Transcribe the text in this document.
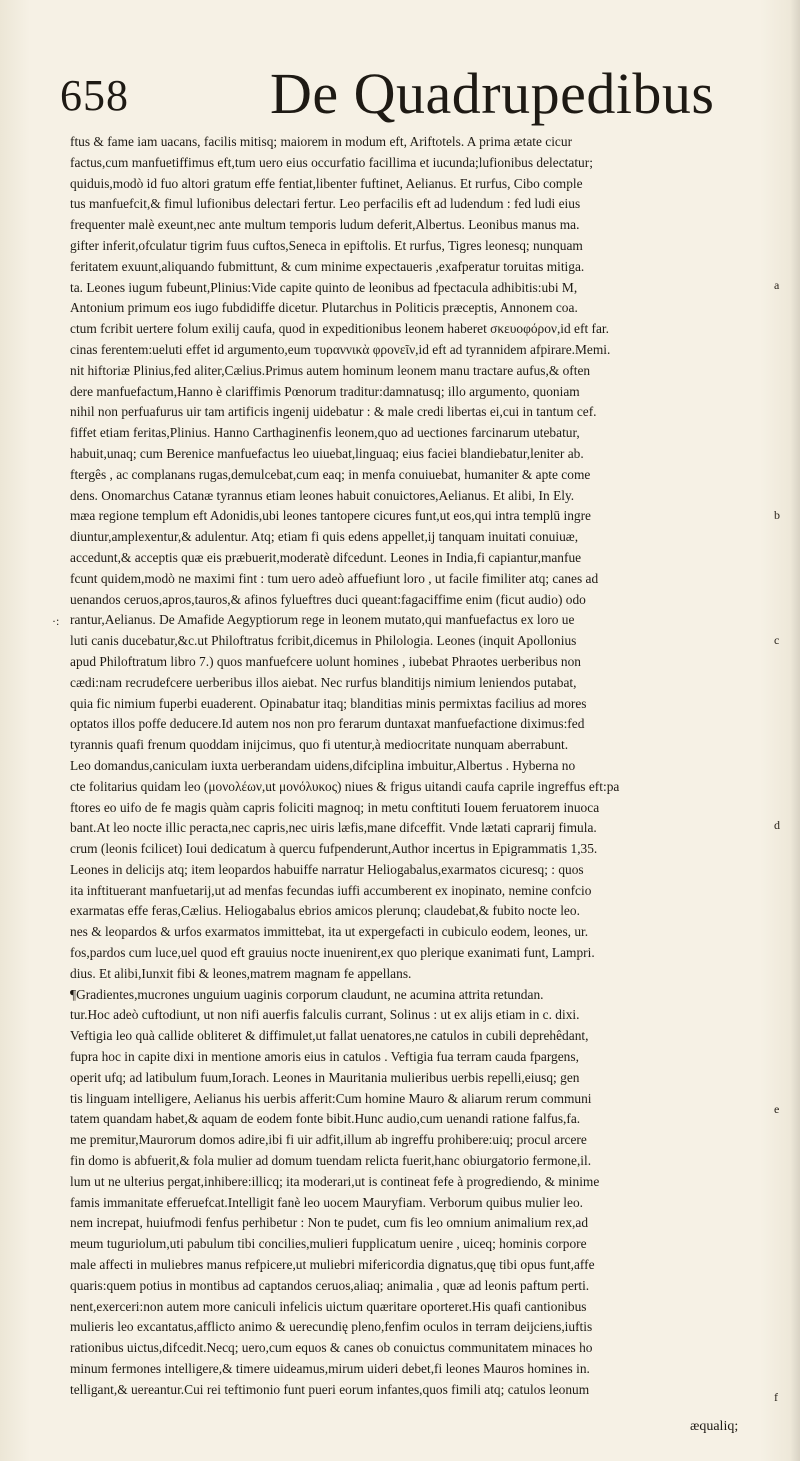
658 De Quadrupedibus
ftus & fame iam uacans, facilis mitisq; maiorem in modum eft, Ariftotels. A prima ætate cicur
factus,cum manfuetiffimus eft,tum uero eius occurfatio facillima et iucunda;lufionibus delectatur;
quiduis,modò id fuo altori gratum effe fentiat,libenter fuftinet, Aelianus. Et rurfus, Cibo comple
tus manfuefcit,& fimul lufionibus delectari fertur. Leo perfacilis eft ad ludendum : fed ludi eius
frequenter malè exeunt,nec ante multum temporis ludum deferit,Albertus. Leonibus manus ma.
gifter inferit,ofculatur tigrim fuus cuftos,Seneca in epiftolis. Et rurfus, Tigres leonesq; nunquam
feritatem exuunt,aliquando fubmittunt, & cum minime expectaueris ,exafperatur toruitas mitiga.
ta. Leones iugum fubeunt,Plinius:Vide capite quinto de leonibus ad fpectacula adhibitis:ubi M,
Antonium primum eos iugo fubdidiffe dicetur. Plutarchus in Politicis præceptis, Annonem coa.
ctum fcribit uertere folum exilij caufa, quod in expeditionibus leonem haberet σκευοφόρον,id eft far.
cinas ferentem:ueluti effet id argumento,eum τυραννικὰ φρονεῖν,id eft ad tyrannidem afpirare.Memi.
nit hiftoriæ Plinius,fed aliter,Cælius.Primus autem hominum leonem manu tractare aufus,& often
dere manfuefactum,Hanno è clariffimis Pœnorum traditur:damnatusq; illo argumento, quoniam
nihil non perfuafurus uir tam artificis ingenij uidebatur : & male credi libertas ei,cui in tantum cef.
fiffet etiam feritas,Plinius. Hanno Carthaginenfis leonem,quo ad uectiones farcinarum utebatur,
habuit,unaq; cum Berenice manfuefactus leo uiuebat,linguaq; eius faciei blandiebatur,leniter ab.
ftergês , ac complanans rugas,demulcebat,cum eaq; in menfa conuiuebat, humaniter & apte come
dens. Onomarchus Catanæ tyrannus etiam leones habuit conuictores,Aelianus. Et alibi, In Ely.
mæa regione templum eft Adonidis,ubi leones tantopere cicures funt,ut eos,qui intra templū ingre
diuntur,amplexentur,& adulentur. Atq; etiam fi quis edens appellet,ij tanquam inuitati conuiuæ,
accedunt,& acceptis quæ eis præbuerit,moderatè difcedunt. Leones in India,fi capiantur,manfue
fcunt quidem,modò ne maximi fint : tum uero adeò affuefiunt loro , ut facile fimiliter atq; canes ad
uenandos ceruos,apros,tauros,& afinos fylueftres duci queant:fagaciffime enim (ficut audio) odo
rantur,Aelianus. De Amafide Aegyptiorum rege in leonem mutato,qui manfuefactus ex loro ue
luti canis ducebatur,&c.ut Philoftratus fcribit,dicemus in Philologia. Leones (inquit Apollonius
apud Philoftratum libro 7.) quos manfuefcere uolunt homines , iubebat Phraotes uerberibus non
cædi:nam recrudefcere uerberibus illos aiebat. Nec rurfus blanditijs nimium leniendos putabat,
quia fic nimium fuperbi euaderent. Opinabatur itaq; blanditias minis permixtas facilius ad mores
optatos illos poffe deducere.Id autem nos non pro ferarum duntaxat manfuefactione diximus:fed
tyrannis quafi frenum quoddam inijcimus, quo fi utentur,à mediocritate nunquam aberrabunt.
Leo domandus,caniculam iuxta uerberandam uidens,difciplina imbuitur,Albertus . Hyberna no
cte folitarius quidam leo (μονολέων,ut μονόλυκος) niues & frigus uitandi caufa caprile ingreffus eft:pa
ftores eo uifo de fe magis quàm capris foliciti magnoq; in metu conftituti Iouem feruatorem inuoca
bant.At leo nocte illic peracta,nec capris,nec uiris læfis,mane difceffit. Vnde lætati caprarij fimula.
crum (leonis fcilicet) Ioui dedicatum à quercu fufpenderunt,Author incertus in Epigrammatis 1,35.
Leones in delicijs atq; item leopardos habuiffe narratur Heliogabalus,exarmatos cicuresq; : quos
ita inftituerant manfuetarij,ut ad menfas fecundas iuffi accumberent ex inopinato, nemine confcio
exarmatas effe feras,Cælius. Heliogabalus ebrios amicos plerunq; claudebat,& fubito nocte leo.
nes & leopardos & urfos exarmatos immittebat, ita ut expergefacti in cubiculo eodem, leones, ur.
fos,pardos cum luce,uel quod eft grauius nocte inuenirent,ex quo plerique exanimati funt, Lampri.
dius. Et alibi,Iunxit fibi & leones,matrem magnam fe appellans.
¶Gradientes,mucrones unguium uaginis corporum claudunt, ne acumina attrita retundan.
tur.Hoc adeò cuftodiunt, ut non nifi auerfis falculis currant, Solinus : ut ex alijs etiam in c. dixi.
Veftigia leo quà callide obliteret & diffimulet,ut fallat uenatores,ne catulos in cubili deprehêdant,
fupra hoc in capite dixi in mentione amoris eius in catulos . Veftigia fua terram cauda fpargens,
operit ufq; ad latibulum fuum,Iorach. Leones in Mauritania mulieribus uerbis repelli,eiusq; gen
tis linguam intelligere, Aelianus his uerbis afferit:Cum homine Mauro & aliarum rerum communi
tatem quandam habet,& aquam de eodem fonte bibit.Hunc audio,cum uenandi ratione falfus,fa.
me premitur,Maurorum domos adire,ibi fi uir adfit,illum ab ingreffu prohibere:uiq; procul arcere
fin domo is abfuerit,& fola mulier ad domum tuendam relicta fuerit,hanc obiurgatorio fermone,il.
lum ut ne ulterius pergat,inhibere:illicq; ita moderari,ut is contineat fefe à progrediendo, & minime
famis immanitate efferuefcat.Intelligit fanè leo uocem Mauryfiam. Verborum quibus mulier leo.
nem increpat, huiufmodi fenfus perhibetur : Non te pudet, cum fis leo omnium animalium rex,ad
meum tuguriolum,uti pabulum tibi concilies,mulieri fupplicatum uenire , uiceq; hominis corpore
male affecti in muliebres manus refpicere,ut muliebri mifericordia dignatus,quę tibi opus funt,affe
quaris:quem potius in montibus ad captandos ceruos,aliaq; animalia , quæ ad leonis paftum perti.
nent,exerceri:non autem more caniculi infelicis uictum quæritare oporteret.His quafi cantionibus
mulieris leo excantatus,afflicto animo & uerecundię pleno,fenfim oculos in terram deijciens,iuftis
rationibus uictus,difcedit.Necq; uero,cum equos & canes ob conuictus communitatem minaces ho
minum fermones intelligere,& timere uideamus,mirum uideri debet,fi leones Mauros homines in.
telligant,& uereantur.Cui rei teftimonio funt pueri eorum infantes,quos fimili atq; catulos leonum
a
b
c
d
e
f
·:
æqualiq;
